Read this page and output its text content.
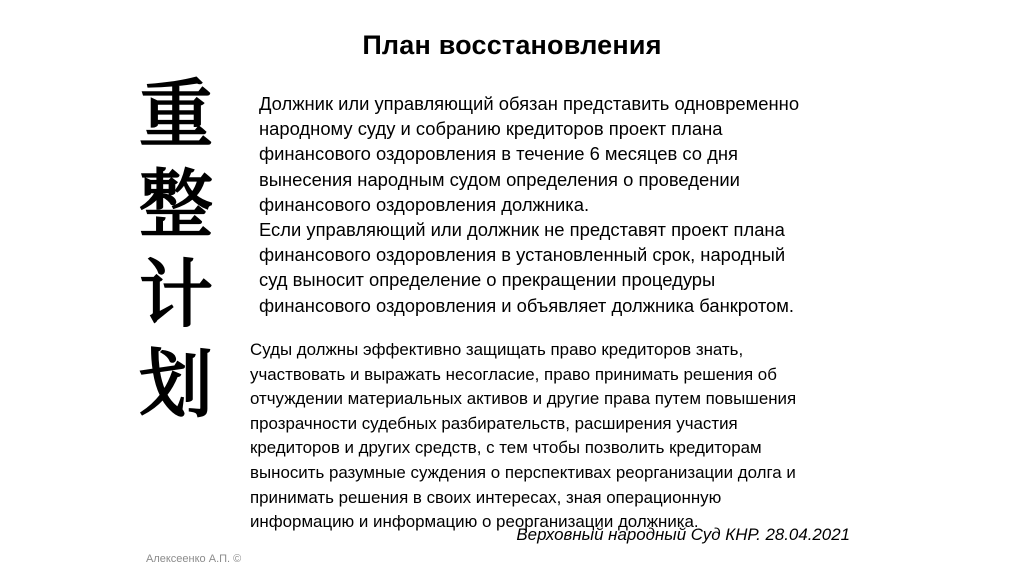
План восстановления
重
整
计
划

Должник или управляющий обязан представить одновременно

народному суду и собранию кредиторов проект плана

финансового оздоровления в течение 6 месяцев со дня

вынесения народным судом определения о проведении

финансового оздоровления должника.

Если управляющий или должник не представят проект плана

финансового оздоровления в установленный срок, народный

суд выносит определение о прекращении процедуры

финансового оздоровления и объявляет должника банкротом.

Суды должны эффективно защищать право кредиторов знать,

участвовать и выражать несогласие, право принимать решения об

отчуждении материальных активов и другие права путем повышения

прозрачности судебных разбирательств, расширения участия

кредиторов и других средств, с тем чтобы позволить кредиторам

выносить разумные суждения о перспективах реорганизации долга и

принимать решения в своих интересах, зная операционную

информацию и информацию о реорганизации должника.

Верховный народный Суд КНР. 28.04.2021
Алексеенко А.П. ©
